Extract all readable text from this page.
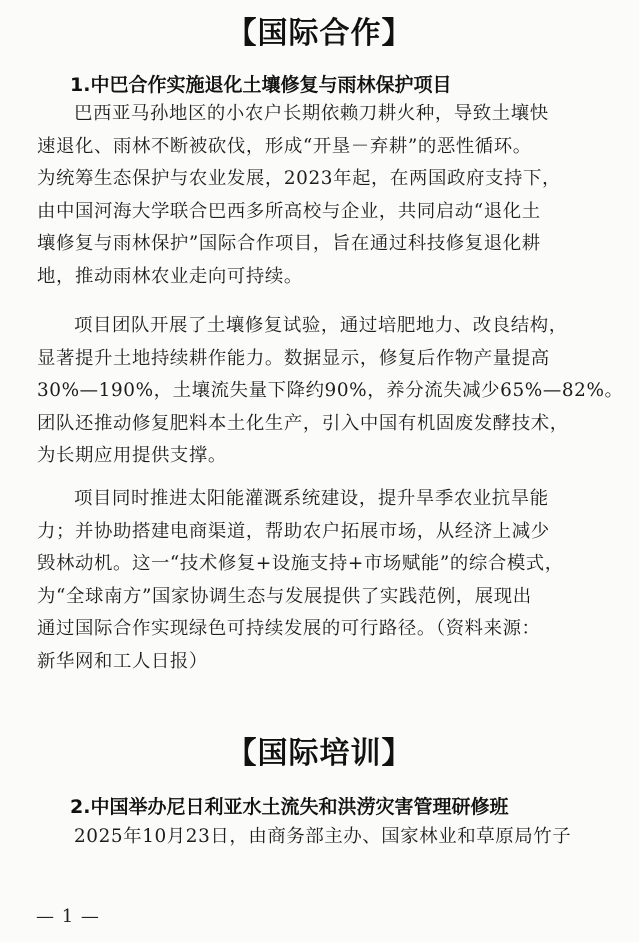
【国际合作】
1.中巴合作实施退化土壤修复与雨林保护项目
巴西亚马孙地区的小农户长期依赖刀耕火种，导致土壤快
速退化、雨林不断被砍伐，形成“开垦－弃耕”的恶性循环。
为统筹生态保护与农业发展，2023年起，在两国政府支持下，
由中国河海大学联合巴西多所高校与企业，共同启动“退化土
壤修复与雨林保护”国际合作项目，旨在通过科技修复退化耕
地，推动雨林农业走向可持续。
项目团队开展了土壤修复试验，通过培肥地力、改良结构，
显著提升土地持续耕作能力。数据显示，修复后作物产量提高
30%—190%，土壤流失量下降约90%，养分流失减少65%—82%。
团队还推动修复肥料本土化生产，引入中国有机固废发酵技术，
为长期应用提供支撑。
项目同时推进太阳能灌溉系统建设，提升旱季农业抗旱能
力；并协助搭建电商渠道，帮助农户拓展市场，从经济上减少
毁林动机。这一“技术修复+设施支持+市场赋能”的综合模式，
为“全球南方”国家协调生态与发展提供了实践范例，展现出
通过国际合作实现绿色可持续发展的可行路径。（资料来源：
新华网和工人日报）
【国际培训】
2.中国举办尼日利亚水土流失和洪涝灾害管理研修班
2025年10月23日，由商务部主办、国家林业和草原局竹子
— 1 —
